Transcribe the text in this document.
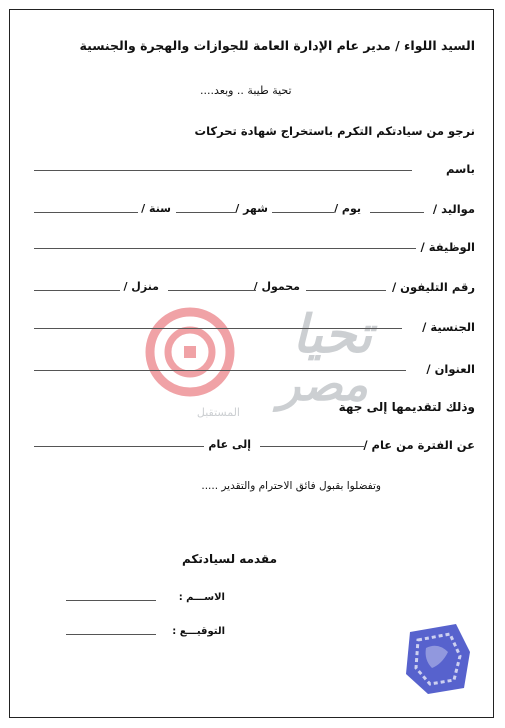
تحيا
مصر
المستقبل
السيد اللواء / مدير عام الإدارة العامة للجوازات والهجرة والجنسية
تحية طيبة .. وبعد....
نرجو من سيادتكم التكرم باستخراج شهادة تحركات
باسم
مواليد /
يوم /
شهر /
سنة /
الوظيفة /
رقم التليفون /
محمول /
منزل /
الجنسية /
العنوان /
وذلك لتقديمها إلى جهة
عن الفترة من عام /
إلى عام
وتفضلوا بقبول فائق الاحترام والتقدير .....
مقدمه لسيادتكم
الاســـم :
التوقيـــع :
